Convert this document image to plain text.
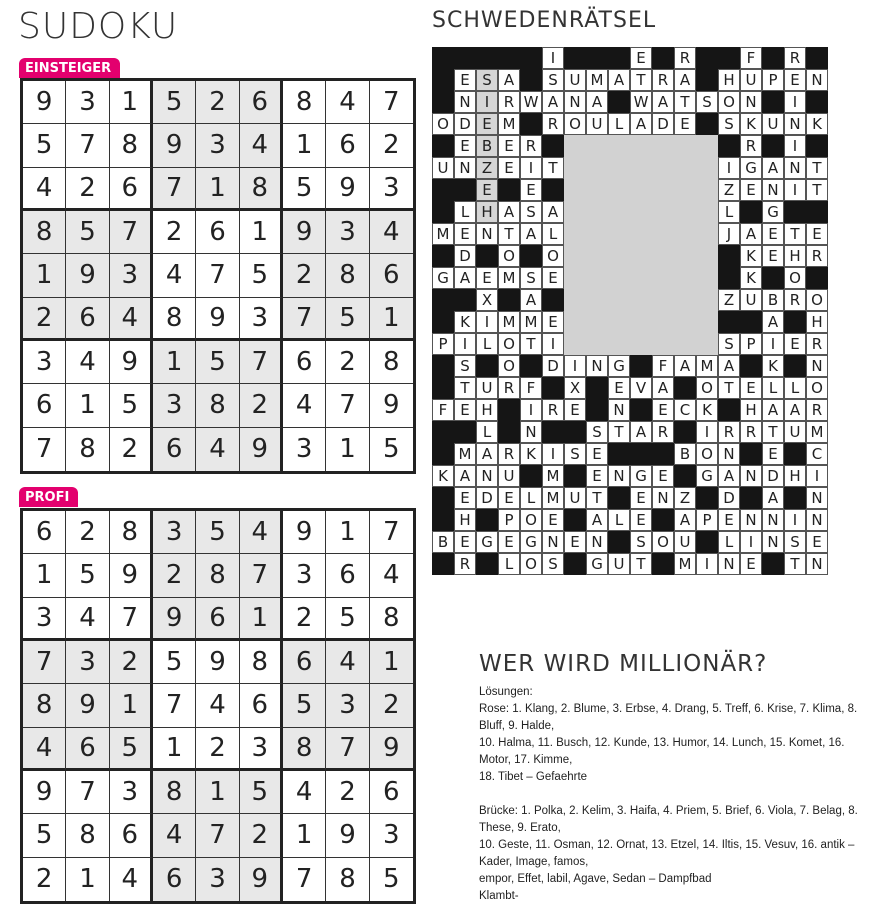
SUDOKU
EINSTEIGER
9	3 1	5	2 6	8	4	7
5	7 8	9	3 4	1	6	2
4	2 6	7	1 8	5	9	3
8	5 7	2	6 1	9	3	4
1	9 3	4	7 5	2	8	6
2	6 4	8	9 3	7	5	1
3	4 9	1	5 7	6	2	8
6	1 5	3	8 2	4	7	9
7	8 2	6	4 9	3	1	5
PROFI
6	2 8	3	5 4	9	1	7
1	5 9	2	8 7	3	6	4
3	4 7	9	6 1	2	5	8
7	3 2	5	9 8	6	4	1
8	9 1	7	4 6	5	3	2
4	6 5	1	2 3	8	7	9
9	7 3	8	1 5	4	2	6
5	8 6	4	7 2	1	9	3
2	1 4	6	3 9	7	8	5
SCHWEDENRÄTSEL
I	E	R	F	R
E S A	S U M A T R A	H U P E N
N I R W A N A	W A T S O N	I
O D E M	R O U L A D E	S K U N K
E B E R	R	I
U N Z E	I	T	I G A N T
E	E	Z E N I	T
L H A S A	L	G
M E N T A L	J A E T E
D	O	O	K E H R
G A E M S E	K	O
X	A	Z U B R O
K I M M E	A	H
P	I	L O T	I	S P	I	E R
S	O	D I N G	F A M A	K	N
T U R F	X	E V A	O T E L L O
F E H	I R E	N	E C K	H A A R
L	N	S T A R	I R R T U M
M A R K I	S E	B O N	E	C
K A N U	M	E N G E	G A N D H I
E D E L M U T	E N Z	D	A	N
H	P O E	A L E	A P E N N I N
B E G E G N E N	S O U	L	I N S E
R	L O S	G U T	M I N E	T N
WER WIRD MILLIONÄR?

Lösungen:

Rose: 1. Klang, 2. Blume, 3. Erbse, 4. Drang, 5. Treff, 6. Krise, 7. Klima, 8. Bluff, 9. Halde,

10. Halma, 11. Busch, 12. Kunde, 13. Humor, 14. Lunch, 15. Komet, 16. Motor, 17. Kimme,

18. Tibet – Gefaehrte

Brücke: 1. Polka, 2. Kelim, 3. Haifa, 4. Priem, 5. Brief, 6. Viola, 7. Belag, 8. These, 9. Erato,

10. Geste, 11. Osman, 12. Ornat, 13. Etzel, 14. Iltis, 15. Vesuv, 16. antik – Kader, Image, famos,

empor, Effet, labil, Agave, Sedan – Dampfbad

Klambt-
